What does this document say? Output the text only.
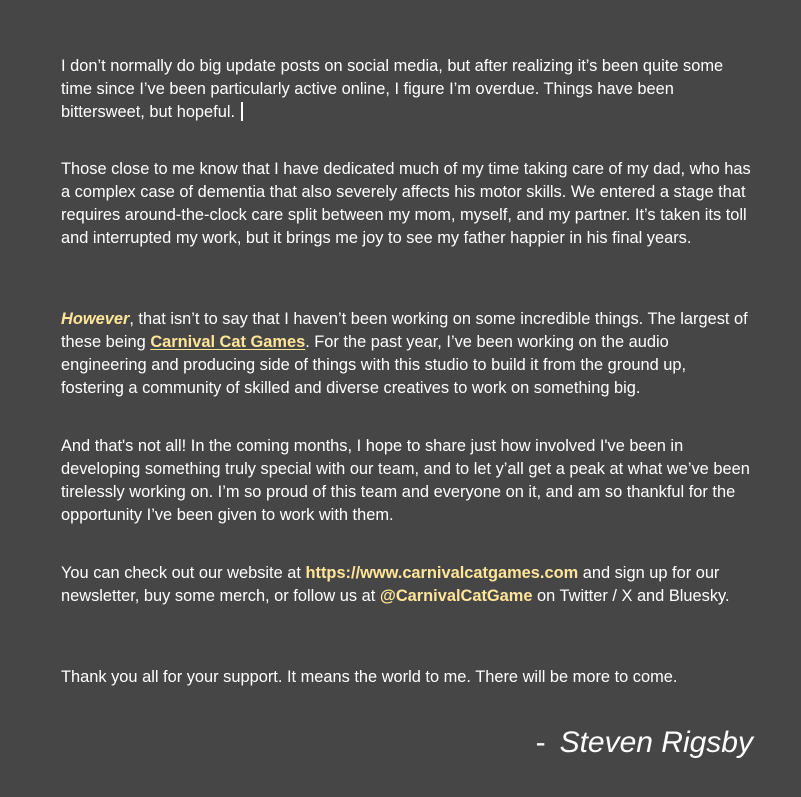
I don’t normally do big update posts on social media, but after realizing it’s been quite some time since I’ve been particularly active online, I figure I’m overdue. Things have been bittersweet, but hopeful.

Those close to me know that I have dedicated much of my time taking care of my dad, who has a complex case of dementia that also severely affects his motor skills. We entered a stage that requires around-the-clock care split between my mom, myself, and my partner. It’s taken its toll and interrupted my work, but it brings me joy to see my father happier in his final years.

However, that isn’t to say that I haven’t been working on some incredible things. The largest of these being Carnival Cat Games. For the past year, I’ve been working on the audio engineering and producing side of things with this studio to build it from the ground up, fostering a community of skilled and diverse creatives to work on something big.

And that's not all! In the coming months, I hope to share just how involved I've been in developing something truly special with our team, and to let y’all get a peak at what we’ve been tirelessly working on. I’m so proud of this team and everyone on it, and am so thankful for the opportunity I’ve been given to work with them.

You can check out our website at https://www.carnivalcatgames.com and sign up for our newsletter, buy some merch, or follow us at @CarnivalCatGame on Twitter / X and Bluesky.

Thank you all for your support. It means the world to me. There will be more to come.

- Steven Rigsby
